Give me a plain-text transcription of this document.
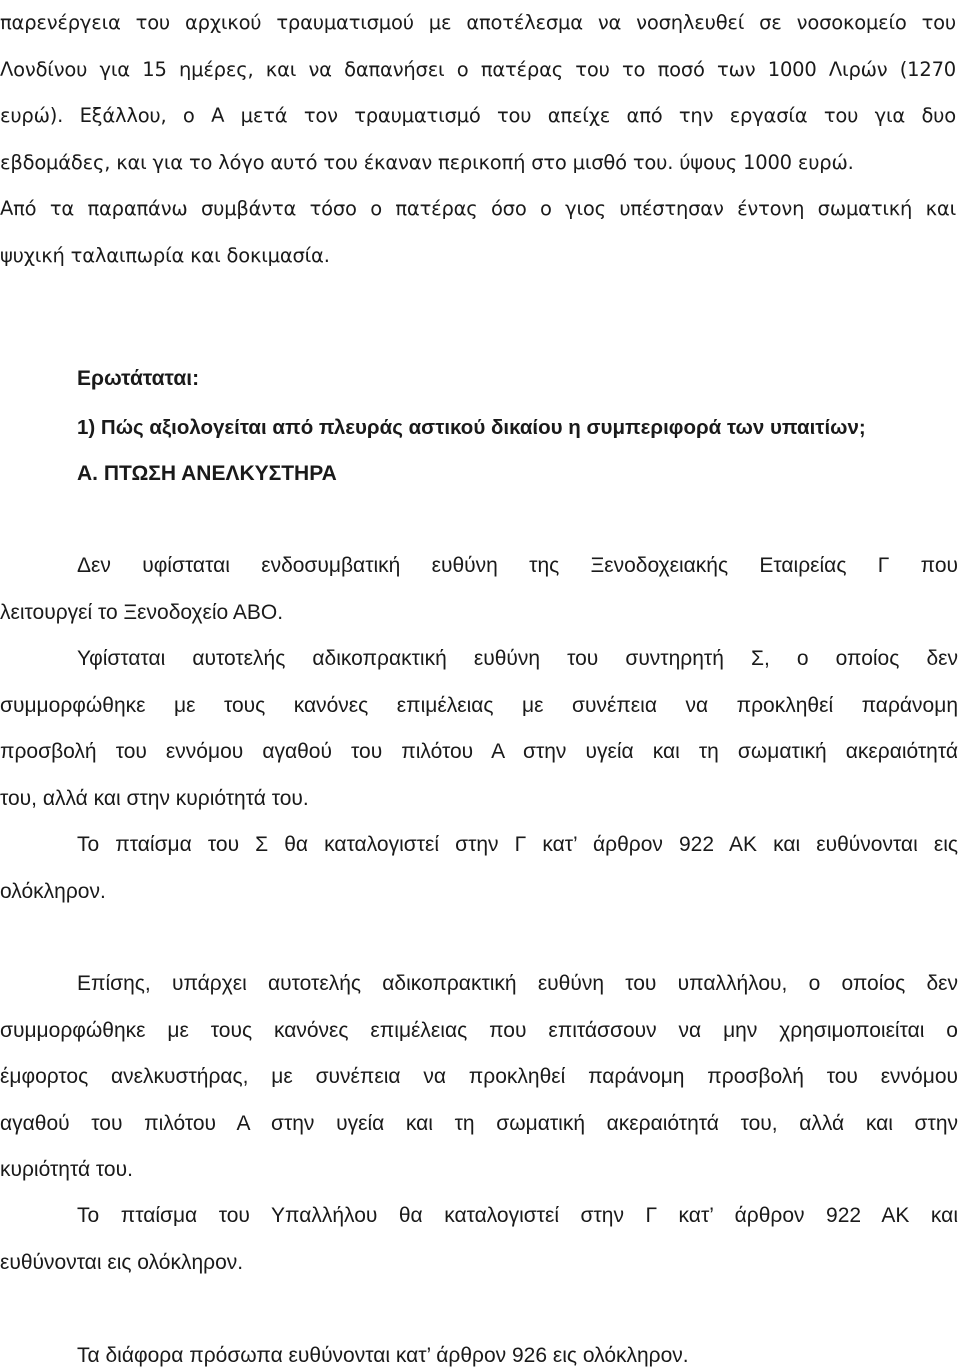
παρενέργεια του αρχικού τραυματισμού με αποτέλεσμα να νοσηλευθεί σε νοσοκομείο του
Λονδίνου για 15 ημέρες, και να δαπανήσει ο πατέρας του το ποσό των 1000 Λιρών (1270
ευρώ). Εξάλλου, ο Α μετά τον τραυματισμό του απείχε από την εργασία του για δυο
εβδομάδες, και για το λόγο αυτό του έκαναν περικοπή στο μισθό του. ύψους 1000 ευρώ.
Από τα παραπάνω συμβάντα τόσο ο πατέρας όσο ο γιος υπέστησαν έντονη σωματική και
ψυχική ταλαιπωρία και δοκιμασία.
Ερωτάταται:
1) Πώς αξιολογείται από πλευράς αστικού δικαίου η συμπεριφορά των υπαιτίων;
Α. ΠΤΩΣΗ ΑΝΕΛΚΥΣΤΗΡΑ
Δεν υφίσταται ενδοσυμβατική ευθύνη της Ξενοδοχειακής Εταιρείας Γ που
λειτουργεί το Ξενοδοχείο ΑΒΟ.
Υφίσταται αυτοτελής αδικοπρακτική ευθύνη του συντηρητή Σ, ο οποίος δεν
συμμορφώθηκε με τους κανόνες επιμέλειας με συνέπεια να προκληθεί παράνομη
προσβολή του εννόμου αγαθού του πιλότου Α στην υγεία και τη σωματική ακεραιότητά
του, αλλά και στην κυριότητά του.
Το πταίσμα του Σ θα καταλογιστεί στην Γ κατ’ άρθρον 922 ΑΚ και ευθύνονται εις
ολόκληρον.
Επίσης, υπάρχει αυτοτελής αδικοπρακτική ευθύνη του υπαλλήλου, ο οποίος δεν
συμμορφώθηκε με τους κανόνες επιμέλειας που επιτάσσουν να μην χρησιμοποιείται ο
έμφορτος ανελκυστήρας, με συνέπεια να προκληθεί παράνομη προσβολή του εννόμου
αγαθού του πιλότου Α στην υγεία και τη σωματική ακεραιότητά του, αλλά και στην
κυριότητά του.
Το πταίσμα του Υπαλλήλου θα καταλογιστεί στην Γ κατ’ άρθρον 922 ΑΚ και
ευθύνονται εις ολόκληρον.
Τα διάφορα πρόσωπα ευθύνονται κατ’ άρθρον 926 εις ολόκληρον.
